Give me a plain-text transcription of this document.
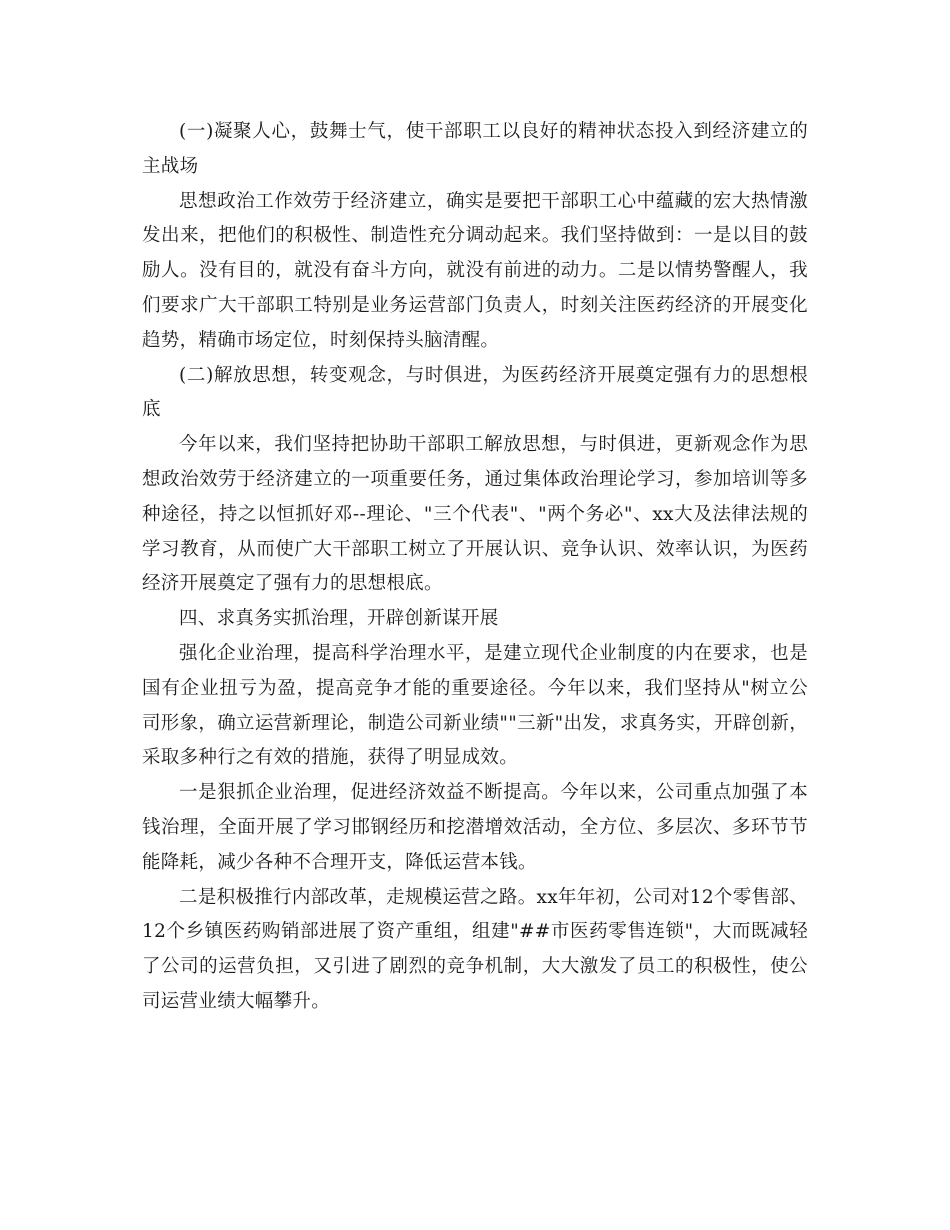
(一)凝聚人心，鼓舞士气，使干部职工以良好的精神状态投入到经济建立的主战场

思想政治工作效劳于经济建立，确实是要把干部职工心中蕴藏的宏大热情激发出来，把他们的积极性、制造性充分调动起来。我们坚持做到：一是以目的鼓励人。没有目的，就没有奋斗方向，就没有前进的动力。二是以情势警醒人，我们要求广大干部职工特别是业务运营部门负责人，时刻关注医药经济的开展变化趋势，精确市场定位，时刻保持头脑清醒。

(二)解放思想，转变观念，与时俱进，为医药经济开展奠定强有力的思想根底

今年以来，我们坚持把协助干部职工解放思想，与时俱进，更新观念作为思想政治效劳于经济建立的一项重要任务，通过集体政治理论学习，参加培训等多种途径，持之以恒抓好邓--理论、"三个代表"、"两个务必"、xx大及法律法规的学习教育，从而使广大干部职工树立了开展认识、竞争认识、效率认识，为医药经济开展奠定了强有力的思想根底。

四、求真务实抓治理，开辟创新谋开展

强化企业治理，提高科学治理水平，是建立现代企业制度的内在要求，也是国有企业扭亏为盈，提高竞争才能的重要途径。今年以来，我们坚持从"树立公司形象，确立运营新理论，制造公司新业绩""三新"出发，求真务实，开辟创新，采取多种行之有效的措施，获得了明显成效。

一是狠抓企业治理，促进经济效益不断提高。今年以来，公司重点加强了本钱治理，全面开展了学习邯钢经历和挖潜增效活动，全方位、多层次、多环节节能降耗，减少各种不合理开支，降低运营本钱。

二是积极推行内部改革，走规模运营之路。xx年年初，公司对12个零售部、12个乡镇医药购销部进展了资产重组，组建"##市医药零售连锁"，大而既减轻了公司的运营负担，又引进了剧烈的竞争机制，大大激发了员工的积极性，使公司运营业绩大幅攀升。
